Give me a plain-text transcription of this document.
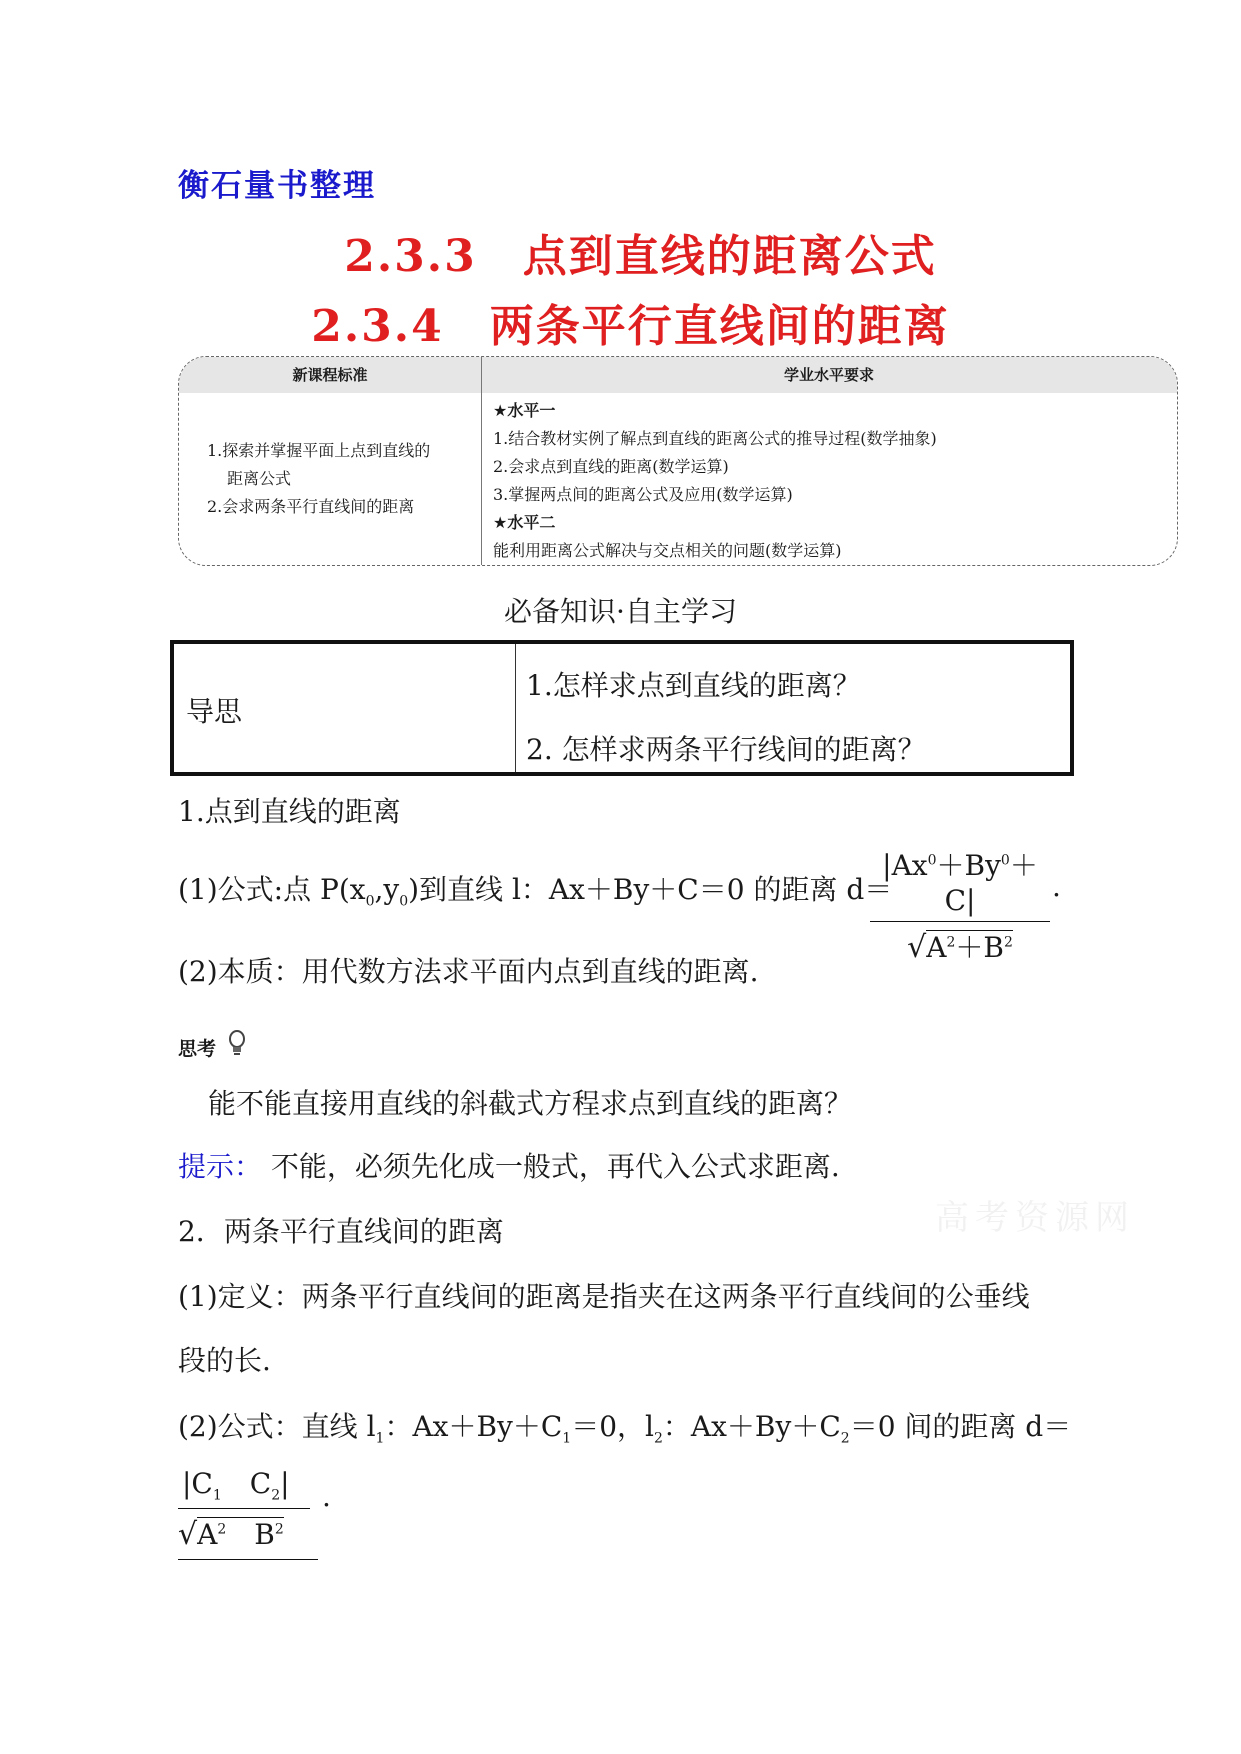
衡石量书整理
2.3.3　点到直线的距离公式
2.3.4　两条平行直线间的距离
新课程标准	学业水平要求
1.探索并掌握平面上点到直线的
距离公式
2.会求两条平行直线间的距离
★水平一
1.结合教材实例了解点到直线的距离公式的推导过程(数学抽象)
2.会求点到直线的距离(数学运算)
3.掌握两点间的距离公式及应用(数学运算)
★水平二
能利用距离公式解决与交点相关的问题(数学运算)
必备知识·自主学习
导思
1.怎样求点到直线的距离？
2. 怎样求两条平行线间的距离？
1.点到直线的距离
(1)公式:点 $P(x_0,y_0)$到直线 l：Ax＋By＋C＝0 的距离 d＝
$|Ax^0+By^0+C|$
$√A^2+B^2$
.
(2)本质：用代数方法求平面内点到直线的距离.
思考
能不能直接用直线的斜截式方程求点到直线的距离？
提示： 不能，必须先化成一般式，再代入公式求距离.
高考资源网
2．两条平行直线间的距离
(1)定义：两条平行直线间的距离是指夹在这两条平行直线间的公垂线
段的长.
(2)公式：直线 $l_1$：$Ax+By+C_1=0$，$l_2$：$Ax+By+C_2=0$ 间的距离 d＝
$|C_1$　$C_2|$
$√A^2$　$B^2$
.
